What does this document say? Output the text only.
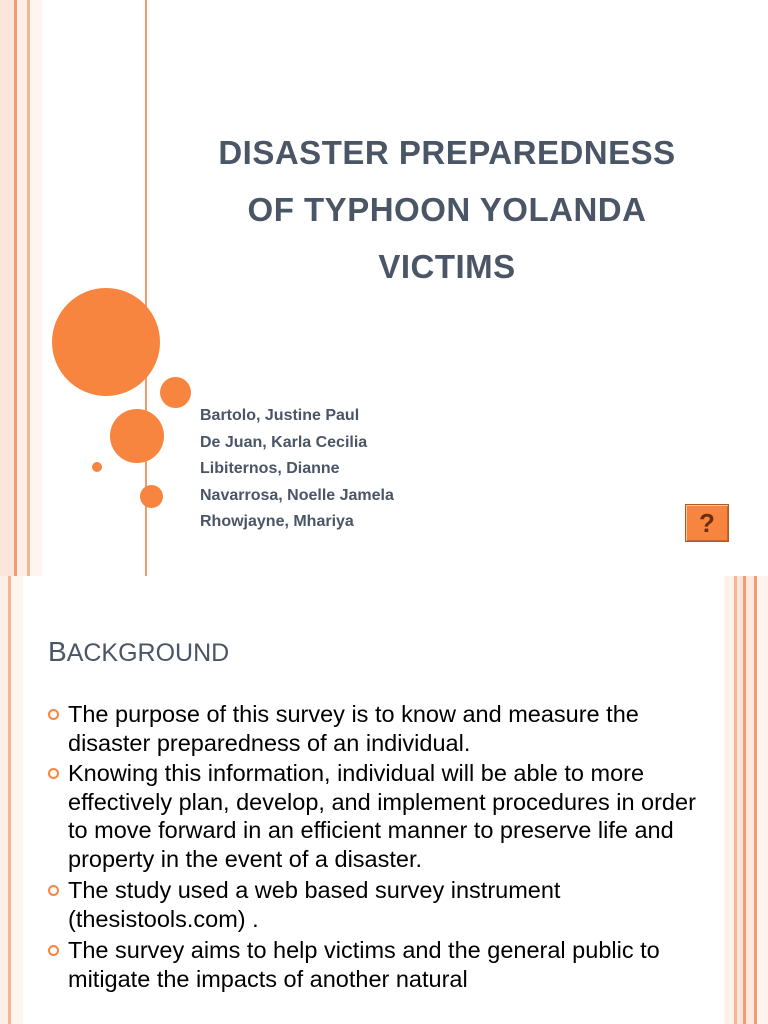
DISASTER PREPAREDNESS
OF TYPHOON YOLANDA
VICTIMS
Bartolo, Justine Paul
De Juan, Karla Cecilia
Libiternos, Dianne
Navarrosa, Noelle Jamela
Rhowjayne, Mhariya	?
BACKGROUND
The purpose of this survey is to know and measure the disaster preparedness of an individual.
Knowing this information, individual will be able to more effectively plan, develop, and implement procedures in order to move forward in an efficient manner to preserve life and property in the event of a disaster.
The study used a web based survey instrument (thesistools.com) .
The survey aims to help victims and the general public to mitigate the impacts of another natural
